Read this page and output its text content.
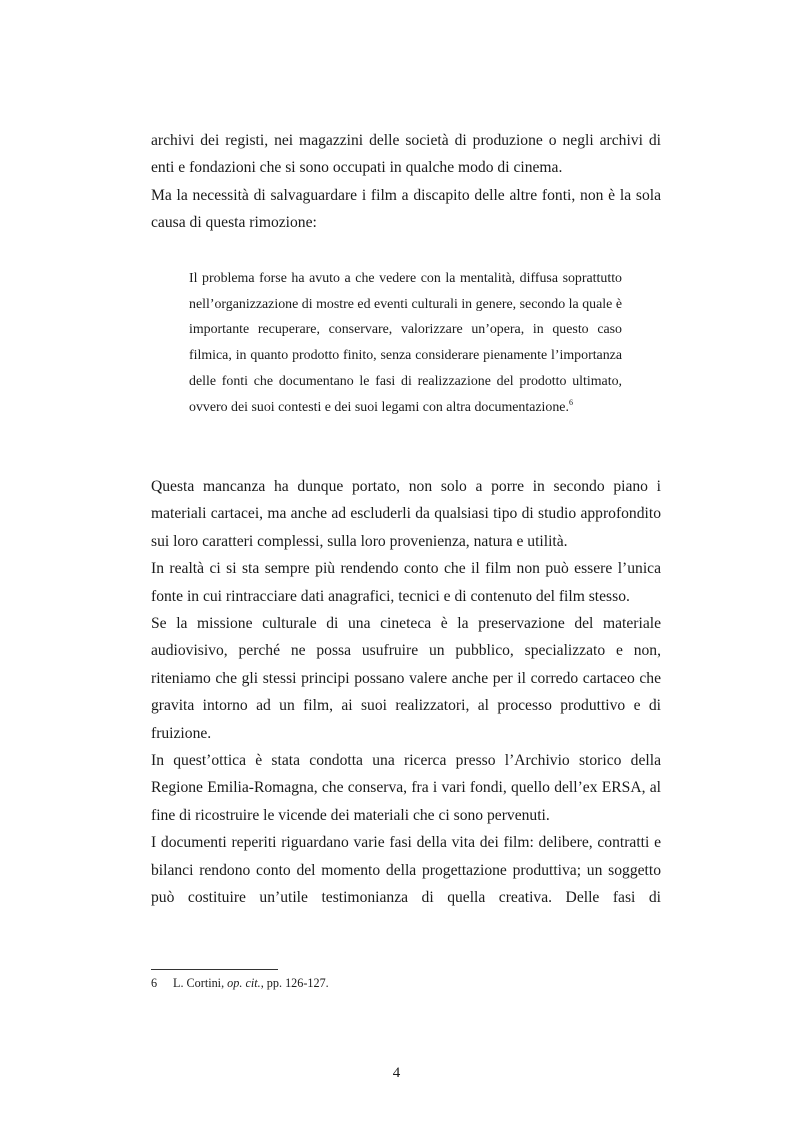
archivi dei registi, nei magazzini delle società di produzione o negli archivi di enti e fondazioni che si sono occupati in qualche modo di cinema.

Ma la necessità di salvaguardare i film a discapito delle altre fonti, non è la sola causa di questa rimozione:

Il problema forse ha avuto a che vedere con la mentalità, diffusa soprattutto nell’organizzazione di mostre ed eventi culturali in genere, secondo la quale è importante recuperare, conservare, valorizzare un’opera, in questo caso filmica, in quanto prodotto finito, senza considerare pienamente l’importanza delle fonti che documentano le fasi di realizzazione del prodotto ultimato, ovvero dei suoi contesti e dei suoi legami con altra documentazione.$^6$

Questa mancanza ha dunque portato, non solo a porre in secondo piano i materiali cartacei, ma anche ad escluderli da qualsiasi tipo di studio approfondito sui loro caratteri complessi, sulla loro provenienza, natura e utilità.

In realtà ci si sta sempre più rendendo conto che il film non può essere l’unica fonte in cui rintracciare dati anagrafici, tecnici e di contenuto del film stesso.

Se la missione culturale di una cineteca è la preservazione del materiale audiovisivo, perché ne possa usufruire un pubblico, specializzato e non, riteniamo che gli stessi principi possano valere anche per il corredo cartaceo che gravita intorno ad un film, ai suoi realizzatori, al processo produttivo e di fruizione.

In quest’ottica è stata condotta una ricerca presso l’Archivio storico della Regione Emilia-Romagna, che conserva, fra i vari fondi, quello dell’ex ERSA, al fine di ricostruire le vicende dei materiali che ci sono pervenuti.

I documenti reperiti riguardano varie fasi della vita dei film: delibere, contratti e bilanci rendono conto del momento della progettazione produttiva; un soggetto può costituire un’utile testimonianza di quella creativa. Delle fasi di

6 L. Cortini, op. cit., pp. 126-127.
4
